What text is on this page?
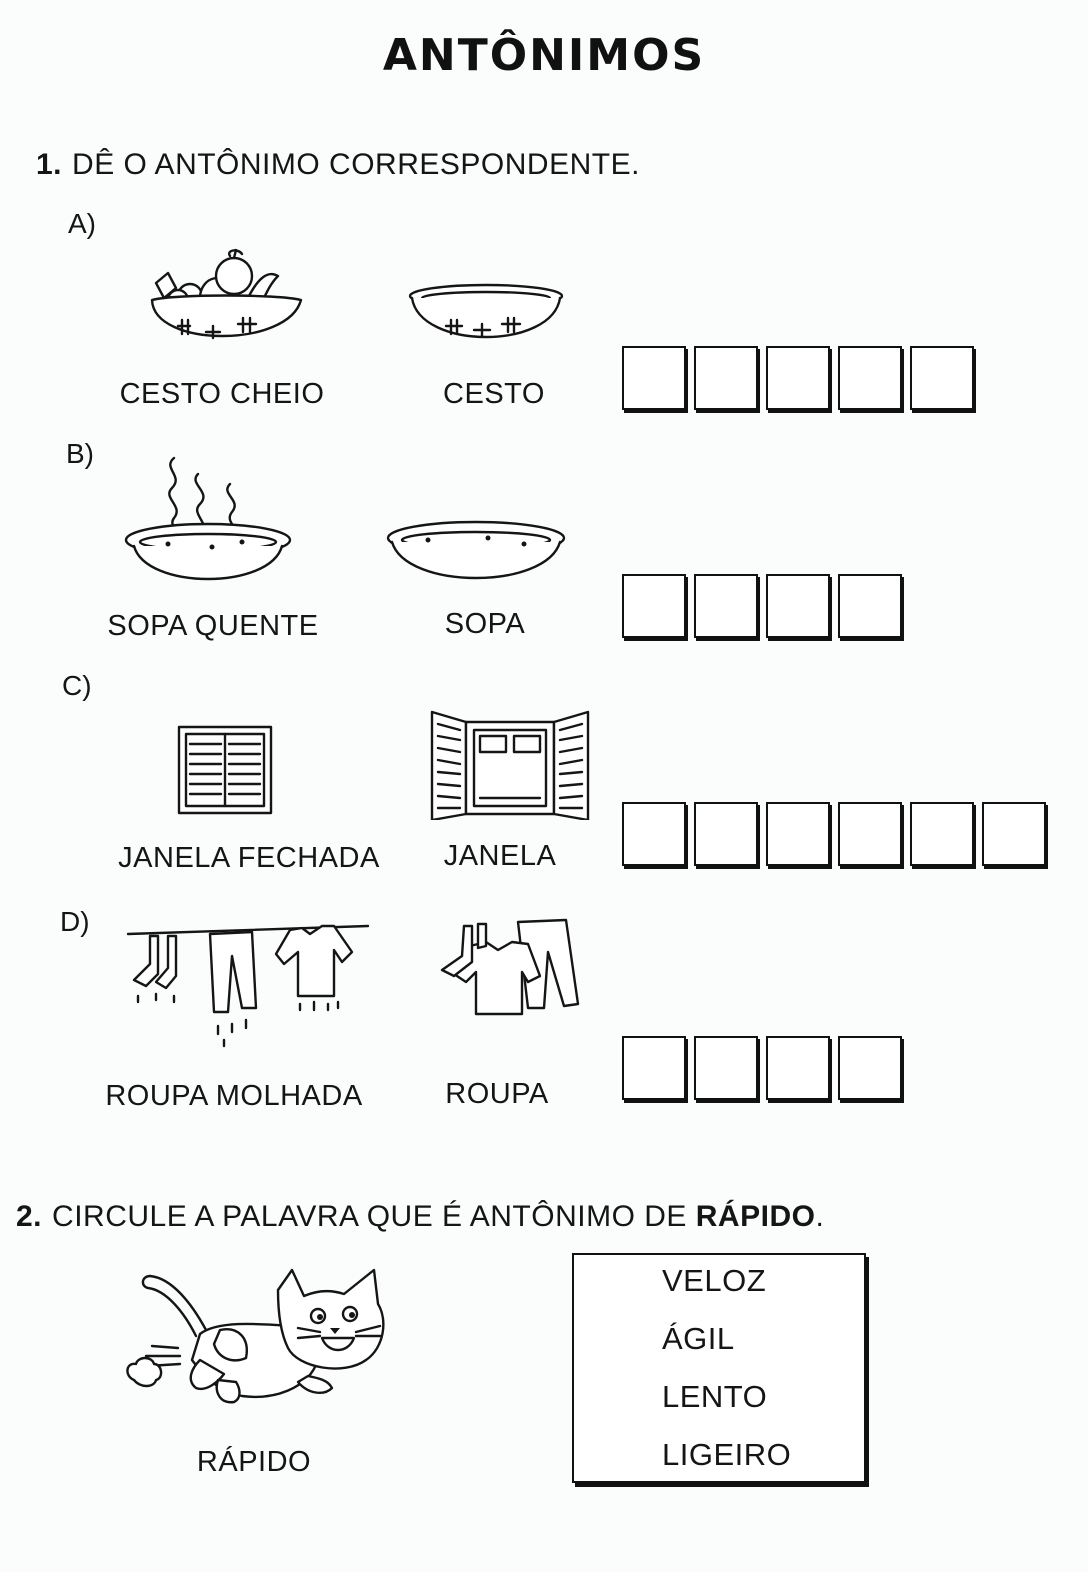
ANTÔNIMOS
1. DÊ O ANTÔNIMO CORRESPONDENTE.
A)
CESTO CHEIO	CESTO
B)
SOPA QUENTE	SOPA
C)
JANELA FECHADA	JANELA
D)
ROUPA MOLHADA	ROUPA
2. CIRCULE A PALAVRA QUE É ANTÔNIMO DE RÁPIDO.
RÁPIDO
VELOZ
ÁGIL
LENTO
LIGEIRO
